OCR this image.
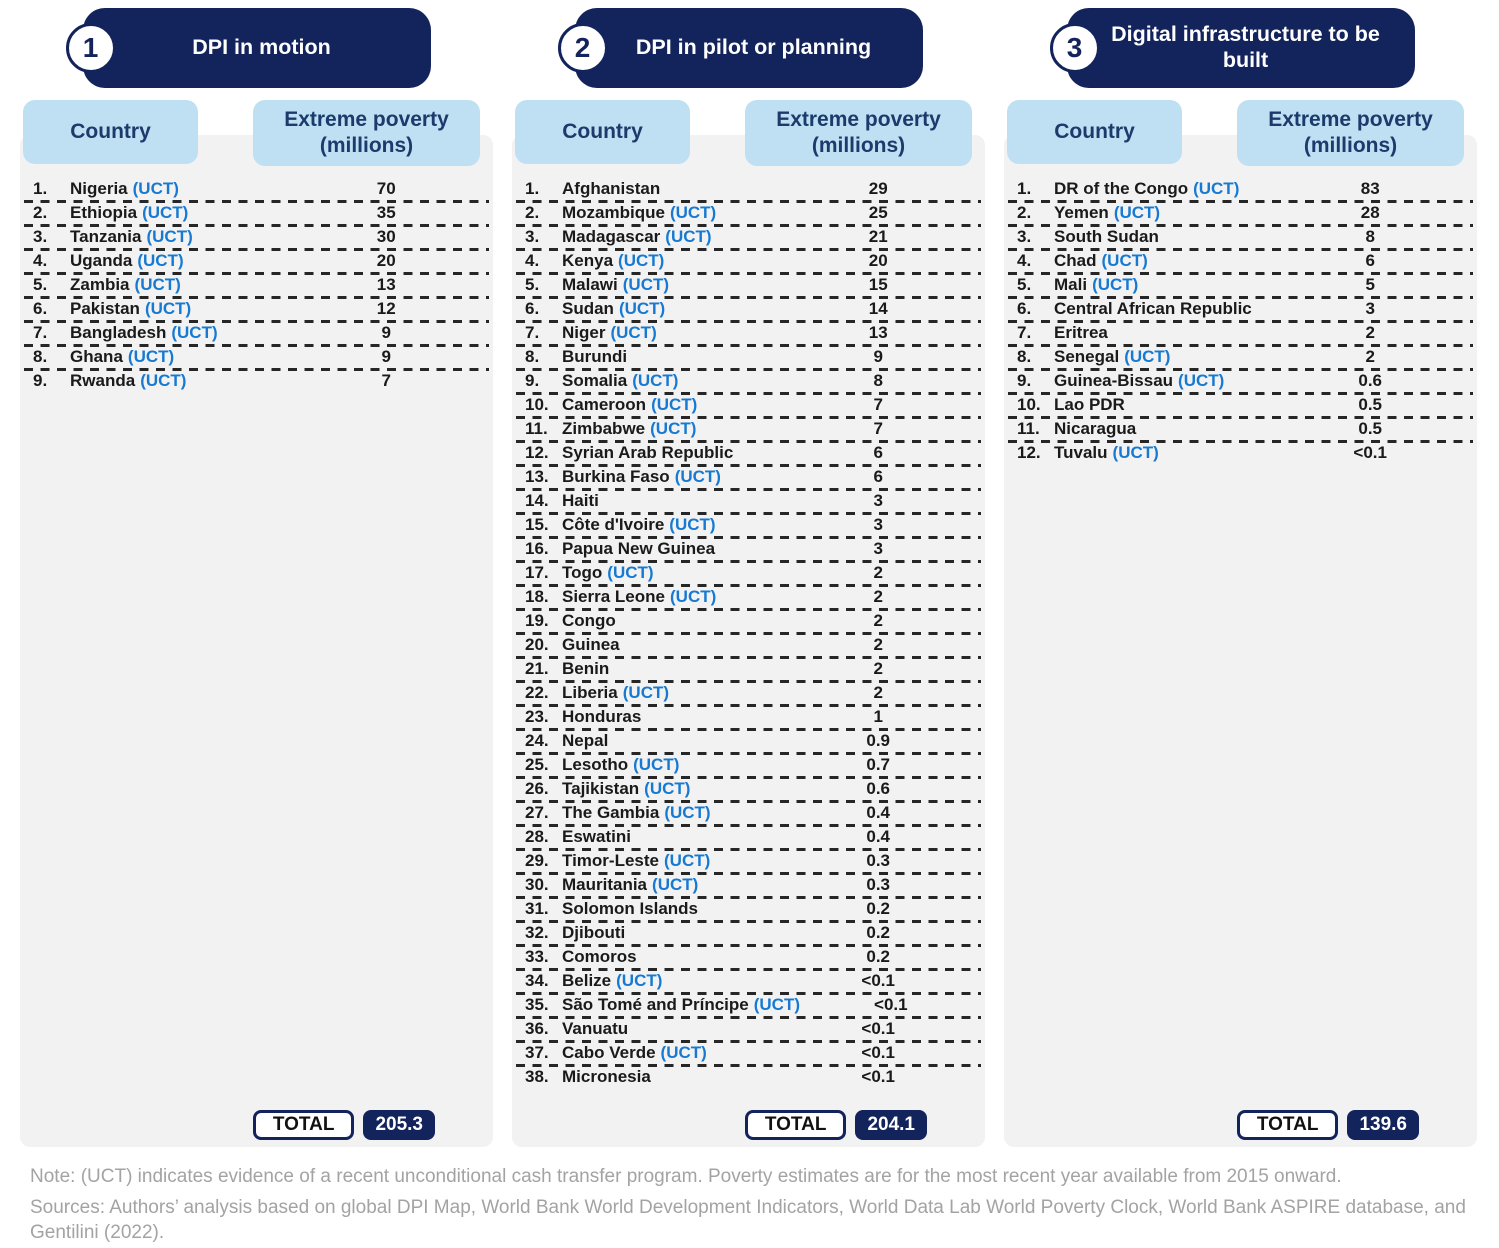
1	DPI in motion
Country
Extreme poverty (millions)
1.	Nigeria (UCT)	70
2.	Ethiopia (UCT)	35
3.	Tanzania (UCT)	30
4.	Uganda (UCT)	20
5.	Zambia (UCT)	13
6.	Pakistan (UCT)	12
7.	Bangladesh (UCT)	9
8.	Ghana (UCT)	9
9.	Rwanda (UCT)	7
TOTAL	205.3
2	DPI in pilot or planning
Country
Extreme poverty (millions)
1.	Afghanistan	29
2.	Mozambique (UCT)	25
3.	Madagascar (UCT)	21
4.	Kenya (UCT)	20
5.	Malawi (UCT)	15
6.	Sudan (UCT)	14
7.	Niger (UCT)	13
8.	Burundi	9
9.	Somalia (UCT)	8
10. Cameroon (UCT)	7
11. Zimbabwe (UCT)	7
12. Syrian Arab Republic	6
13. Burkina Faso (UCT)	6
14. Haiti	3
15. Côte d'Ivoire (UCT)	3
16. Papua New Guinea	3
17. Togo (UCT)	2
18. Sierra Leone (UCT)	2
19. Congo	2
20. Guinea	2
21. Benin	2
22. Liberia (UCT)	2
23. Honduras	1
24. Nepal	0.9
25. Lesotho (UCT)	0.7
26. Tajikistan (UCT)	0.6
27. The Gambia (UCT)	0.4
28. Eswatini	0.4
29. Timor-Leste (UCT)	0.3
30. Mauritania (UCT)	0.3
31. Solomon Islands	0.2
32. Djibouti	0.2
33. Comoros	0.2
34. Belize (UCT)	<0.1
35. São Tomé and Príncipe (UCT)	<0.1
36. Vanuatu	<0.1
37. Cabo Verde (UCT)	<0.1
38. Micronesia	<0.1
TOTAL	204.1
3	Digital infrastructure to be built
Country
Extreme poverty (millions)
1.	DR of the Congo (UCT)	83
2.	Yemen (UCT)	28
3.	South Sudan	8
4.	Chad (UCT)	6
5.	Mali (UCT)	5
6.	Central African Republic	3
7.	Eritrea	2
8.	Senegal (UCT)	2
9.	Guinea-Bissau (UCT)	0.6
10. Lao PDR	0.5
11. Nicaragua	0.5
12. Tuvalu (UCT)	<0.1
TOTAL	139.6

Note: (UCT) indicates evidence of a recent unconditional cash transfer program. Poverty estimates are for the most recent year available from 2015 onward.

Sources: Authors’ analysis based on global DPI Map, World Bank World Development Indicators, World Data Lab World Poverty Clock, World Bank ASPIRE database, and Gentilini (2022).
